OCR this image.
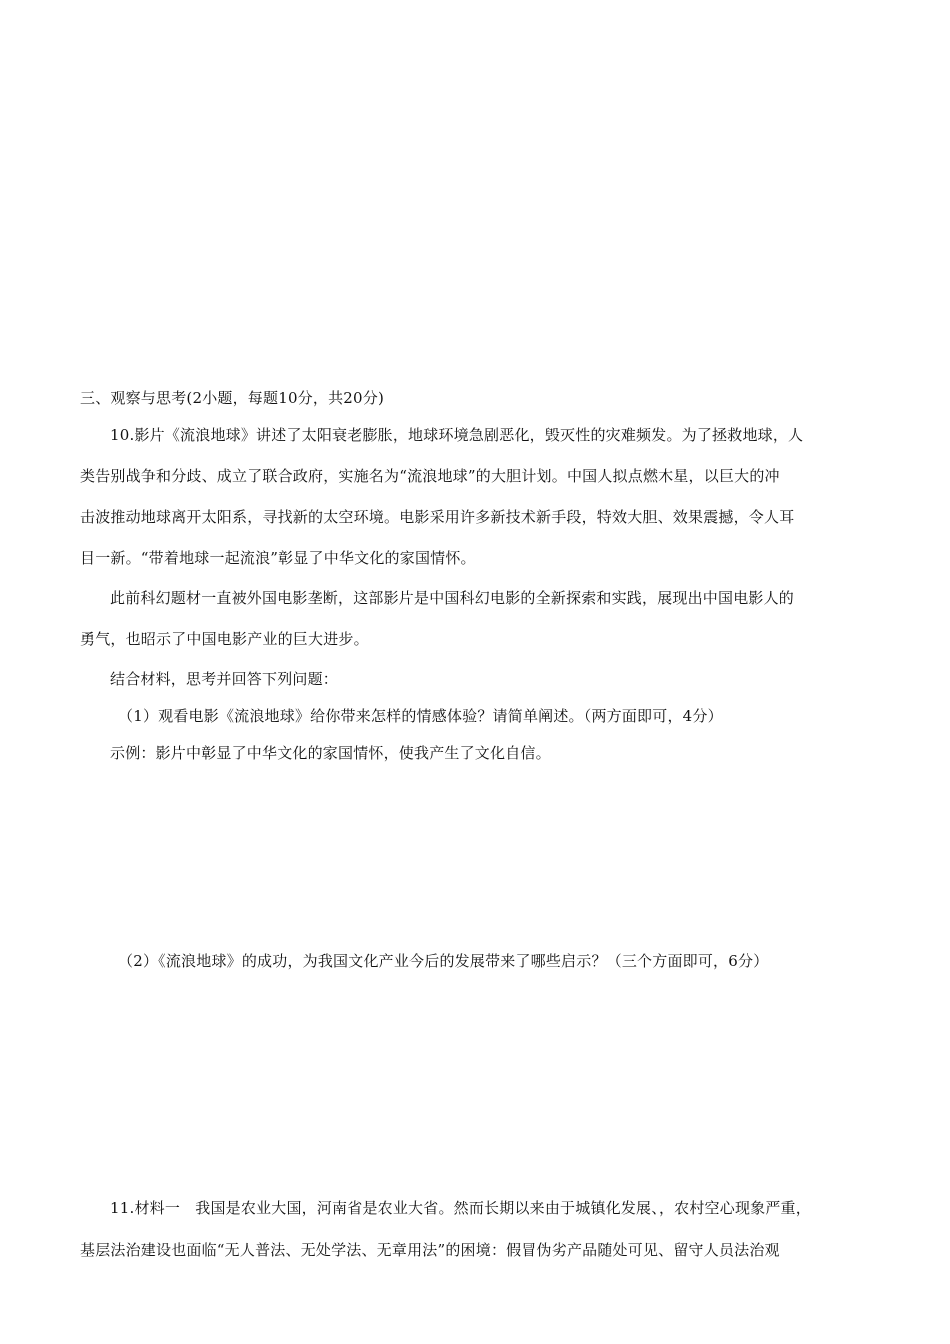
三、观察与思考(2小题，每题10分，共20分)
10.影片《流浪地球》讲述了太阳衰老膨胀，地球环境急剧恶化，毁灭性的灾难频发。为了拯救地球，人
类告别战争和分歧、成立了联合政府，实施名为“流浪地球”的大胆计划。中国人拟点燃木星，以巨大的冲
击波推动地球离开太阳系，寻找新的太空环境。电影采用许多新技术新手段，特效大胆、效果震撼，令人耳
目一新。“带着地球一起流浪”彰显了中华文化的家国情怀。
此前科幻题材一直被外国电影垄断，这部影片是中国科幻电影的全新探索和实践，展现出中国电影人的
勇气，也昭示了中国电影产业的巨大进步。
结合材料，思考并回答下列问题：
（1）观看电影《流浪地球》给你带来怎样的情感体验？请简单阐述。（两方面即可，4分）
示例：影片中彰显了中华文化的家国情怀，使我产生了文化自信。
（2）《流浪地球》的成功，为我国文化产业今后的发展带来了哪些启示？（三个方面即可，6分）
11.材料一　我国是农业大国，河南省是农业大省。然而长期以来由于城镇化发展、，农村空心现象严重，
基层法治建设也面临“无人普法、无处学法、无章用法”的困境：假冒伪劣产品随处可见、留守人员法治观
